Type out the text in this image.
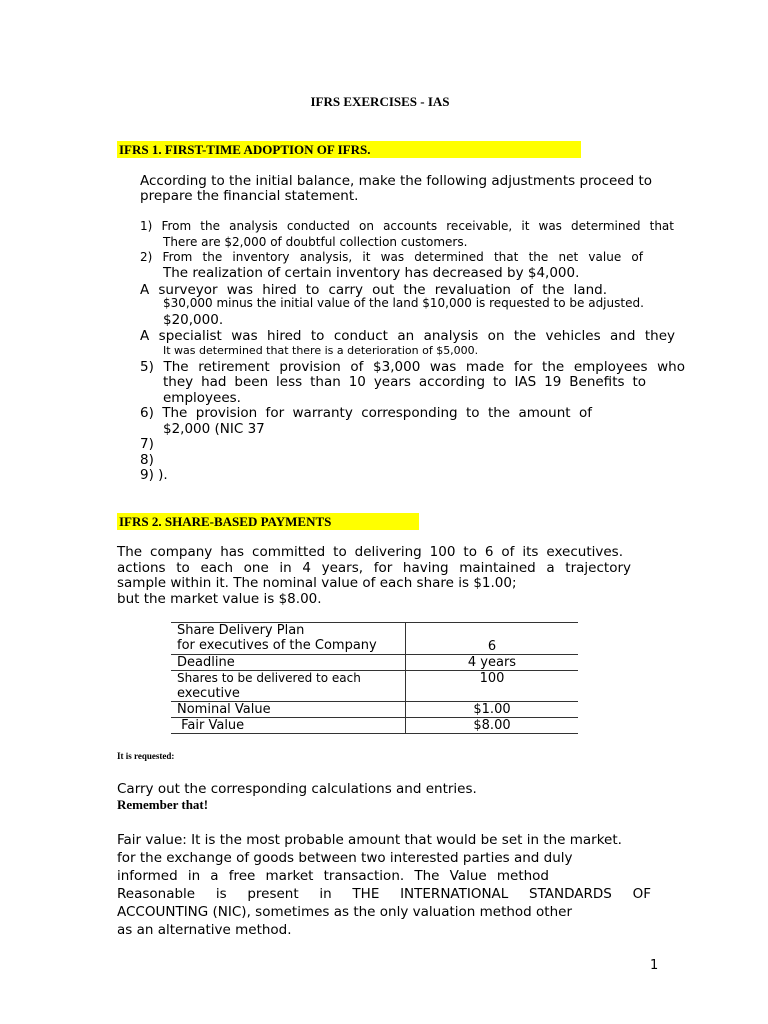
IFRS EXERCISES - IAS
IFRS 1. FIRST-TIME ADOPTION OF IFRS.
According to the initial balance, make the following adjustments proceed to
prepare the financial statement.
1) From the analysis conducted on accounts receivable, it was determined that
There are $2,000 of doubtful collection customers.
2) From the inventory analysis, it was determined that the net value of
The realization of certain inventory has decreased by $4,000.
A surveyor was hired to carry out the revaluation of the land.
$30,000 minus the initial value of the land $10,000 is requested to be adjusted.
$20,000.
A specialist was hired to conduct an analysis on the vehicles and they
It was determined that there is a deterioration of $5,000.
5) The retirement provision of $3,000 was made for the employees who
they had been less than 10 years according to IAS 19 Benefits to
employees.
6) The provision for warranty corresponding to the amount of
$2,000 (NIC 37
7)
8)
9) ).
IFRS 2. SHARE-BASED PAYMENTS
The company has committed to delivering 100 to 6 of its executives.
actions to each one in 4 years, for having maintained a trajectory
sample within it. The nominal value of each share is $1.00;
but the market value is $8.00.
Share Delivery Plan
for executives of the Company	6
Deadline	4 years

Shares to be delivered to each
executive	100
Nominal Value	$1.00
Fair Value	$8.00
It is requested:
Carry out the corresponding calculations and entries.
Remember that!
Fair value: It is the most probable amount that would be set in the market.
for the exchange of goods between two interested parties and duly
informed in a free market transaction. The Value method
Reasonable is present in THE INTERNATIONAL STANDARDS OF
ACCOUNTING (NIC), sometimes as the only valuation method other
as an alternative method.
1
